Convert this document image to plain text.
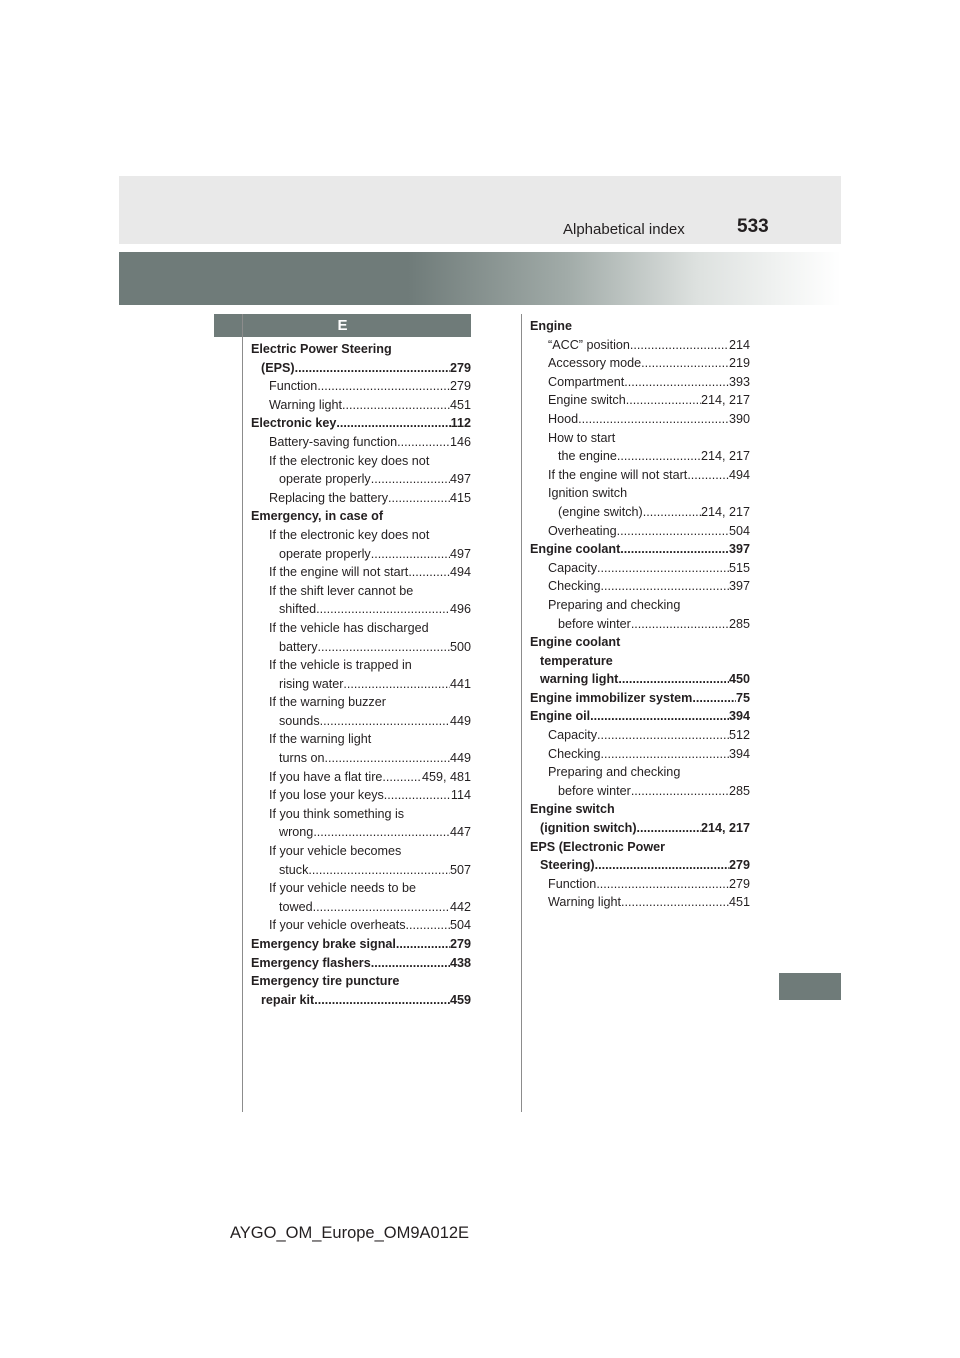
Alphabetical index	533
E
Electric Power Steering
(EPS) .....	279
Function .....	279
Warning light .....	451
Electronic key .....	112
Battery-saving function .....	146
If the electronic key does not
operate properly .....	497
Replacing the battery .....	415
Emergency, in case of
If the electronic key does not
operate properly .....	497
If the engine will not start .....	494
If the shift lever cannot be
shifted .....	496
If the vehicle has discharged
battery .....	500
If the vehicle is trapped in
rising water .....	441
If the warning buzzer
sounds .....	449
If the warning light
turns on .....	449
If you have a flat tire .....	459, 481
If you lose your keys .....	114
If you think something is
wrong .....	447
If your vehicle becomes
stuck .....	507
If your vehicle needs to be
towed .....	442
If your vehicle overheats .....	504
Emergency brake signal .....	279
Emergency flashers .....	438
Emergency tire puncture
repair kit .....	459
Engine
“ACC” position .....	214
Accessory mode .....	219
Compartment .....	393
Engine switch .....	214, 217
Hood .....	390
How to start
the engine .....	214, 217
If the engine will not start .....	494
Ignition switch
(engine switch) .....	214, 217
Overheating .....	504
Engine coolant .....	397
Capacity .....	515
Checking .....	397
Preparing and checking
before winter .....	285
Engine coolant
temperature
warning light .....	450
Engine immobilizer system .....	75
Engine oil .....	394
Capacity .....	512
Checking .....	394
Preparing and checking
before winter .....	285
Engine switch
(ignition switch) .....	214, 217
EPS (Electronic Power
Steering) .....	279
Function .....	279
Warning light .....	451
AYGO_OM_Europe_OM9A012E
